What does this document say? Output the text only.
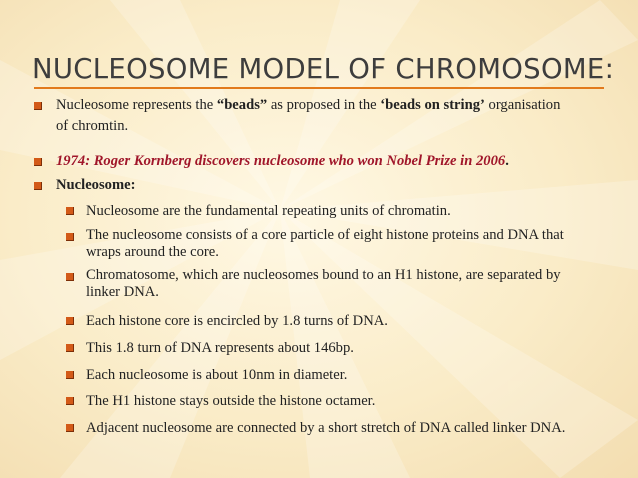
NUCLEOSOME MODEL OF CHROMOSOME:
Nucleosome represents the “beads” as proposed in the ‘beads on string’ organisation
of chromtin.
1974: Roger Kornberg discovers nucleosome who won Nobel Prize in 2006.
Nucleosome:
Nucleosome are the fundamental repeating units of chromatin.
The nucleosome consists of a core particle of eight histone proteins and DNA that
wraps around the core.
Chromatosome, which are nucleosomes bound to an H1 histone, are separated by
linker DNA.
Each histone core is encircled by 1.8 turns of DNA.
This 1.8 turn of DNA represents about 146bp.
Each nucleosome is about 10nm in diameter.
The H1 histone stays outside the histone octamer.
Adjacent nucleosome are connected by a short stretch of DNA called linker DNA.
